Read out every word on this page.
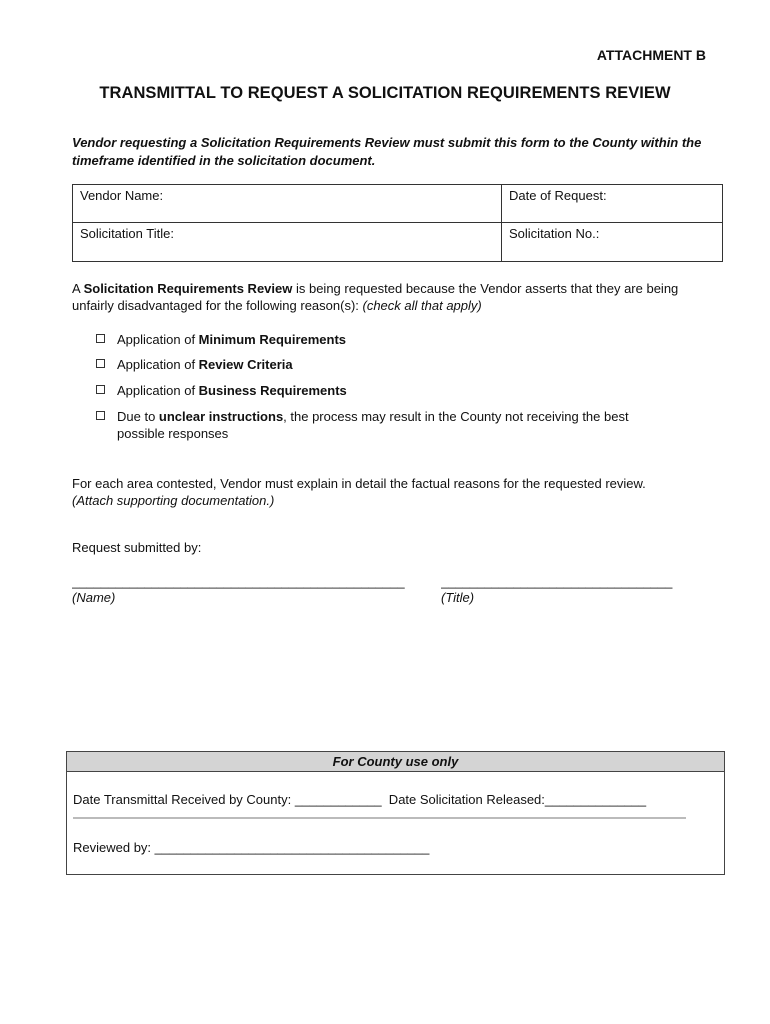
ATTACHMENT B
TRANSMITTAL TO REQUEST A SOLICITATION REQUIREMENTS REVIEW
Vendor requesting a Solicitation Requirements Review must submit this form to the County within the timeframe identified in the solicitation document.
Vendor Name:	Date of Request:
Solicitation Title:	Solicitation No.:
A Solicitation Requirements Review is being requested because the Vendor asserts that they are being unfairly disadvantaged for the following reason(s): (check all that apply)
Application of Minimum Requirements
Application of Review Criteria
Application of Business Requirements
Due to unclear instructions, the process may result in the County not receiving the best possible responses
For each area contested, Vendor must explain in detail the factual reasons for the requested review.
(Attach supporting documentation.)
Request submitted by:
______________________________________________
(Name)
________________________________
(Title)
For County use only
Date Transmittal Received by County: ____________  Date Solicitation Released:______________
Reviewed by: ______________________________________
